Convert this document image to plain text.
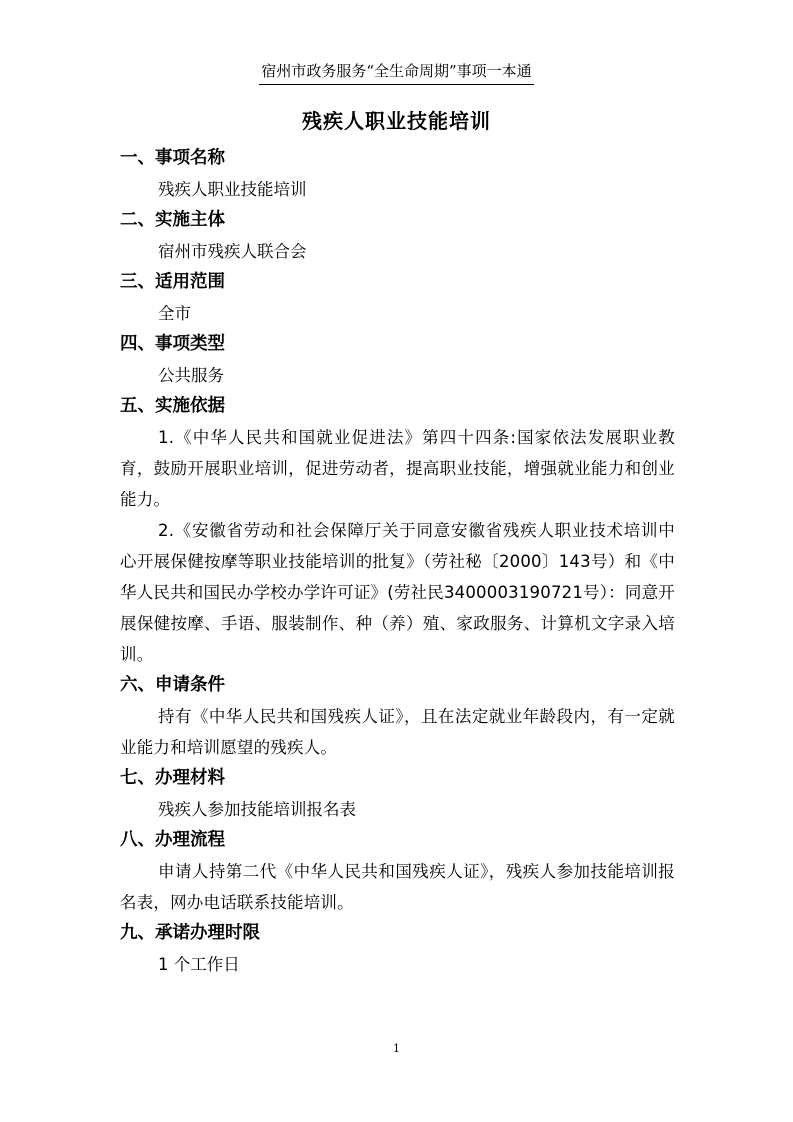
宿州市政务服务“全生命周期”事项一本通
残疾人职业技能培训

一、事项名称

残疾人职业技能培训

二、实施主体

宿州市残疾人联合会

三、适用范围

全市

四、事项类型

公共服务

五、实施依据

1.《中华人民共和国就业促进法》第四十四条:国家依法发展职业教育，鼓励开展职业培训，促进劳动者，提高职业技能，增强就业能力和创业能力。

2.《安徽省劳动和社会保障厅关于同意安徽省残疾人职业技术培训中心开展保健按摩等职业技能培训的批复》（劳社秘〔2000〕143号）和《中华人民共和国民办学校办学许可证》(劳社民3400003190721号）：同意开展保健按摩、手语、服装制作、种（养）殖、家政服务、计算机文字录入培训。

六、申请条件

持有《中华人民共和国残疾人证》，且在法定就业年龄段内，有一定就业能力和培训愿望的残疾人。

七、办理材料

残疾人参加技能培训报名表

八、办理流程

申请人持第二代《中华人民共和国残疾人证》，残疾人参加技能培训报名表，网办电话联系技能培训。

九、承诺办理时限

1 个工作日

1
